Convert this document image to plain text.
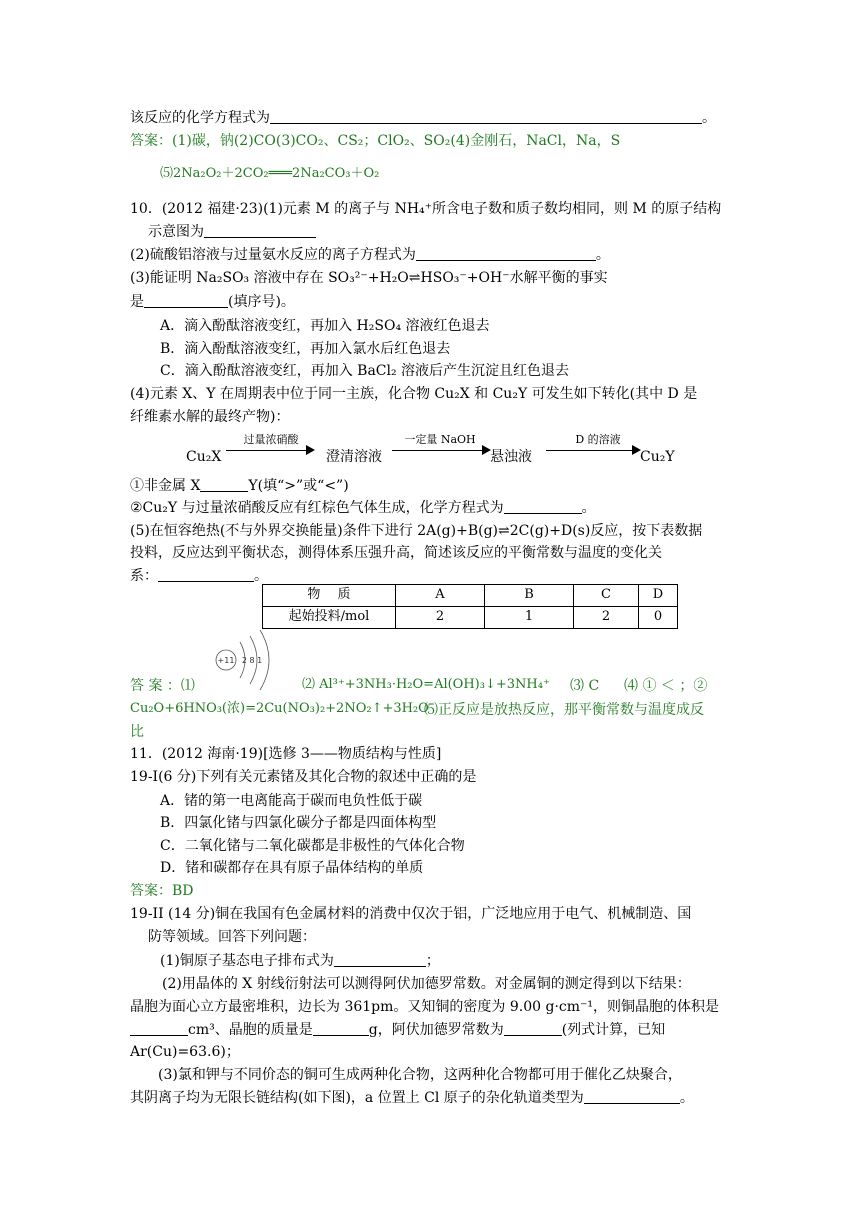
该反应的化学方程式为	。
答案：(1)碳，钠(2)CO(3)CO₂、CS₂；ClO₂、SO₂(4)金刚石，NaCl，Na，S
⑸2Na₂O₂＋2CO₂═══2Na₂CO₃＋O₂
10．(2012 福建·23)(1)元素 M 的离子与 NH₄⁺所含电子数和质子数均相同，则 M 的原子结构
示意图为
(2)硫酸铝溶液与过量氨水反应的离子方程式为	。
(3)能证明 Na₂SO₃ 溶液中存在 SO₃²⁻+H₂O⇌HSO₃⁻+OH⁻水解平衡的事实
是	(填序号)。
A．滴入酚酞溶液变红，再加入 H₂SO₄ 溶液红色退去
B．滴入酚酞溶液变红，再加入氯水后红色退去
C．滴入酚酞溶液变红，再加入 BaCl₂ 溶液后产生沉淀且红色退去
(4)元素 X、Y 在周期表中位于同一主族，化合物 Cu₂X 和 Cu₂Y 可发生如下转化(其中 D 是
纤维素水解的最终产物)：
Cu₂X
过量浓硝酸
澄清溶液
一定量 NaOH
悬浊液
D 的溶液
Cu₂Y
①非金属 X	Y(填“>”或“<”)
②Cu₂Y 与过量浓硝酸反应有红棕色气体生成，化学方程式为	。
(5)在恒容绝热(不与外界交换能量)条件下进行 2A(g)+B(g)⇌2C(g)+D(s)反应，按下表数据
投料，反应达到平衡状态，测得体系压强升高，简述该反应的平衡常数与温度的变化关
系：	。
物　 质	A	B	C	D
起始投料/mol	2	1	2	0
+11 2 8 1
答 案 ：⑴	⑵ Al³⁺+3NH₃·H₂O=Al(OH)₃↓+3NH₄⁺ ⑶ C ⑷ ① ＜ ；②
Cu₂O+6HNO₃(浓)=2Cu(NO₃)₂+2NO₂↑+3H₂O
⑸正反应是放热反应，那平衡常数与温度成反
比
11．(2012 海南·19)[选修 3——物质结构与性质]
19-I(6 分)下列有关元素锗及其化合物的叙述中正确的是
A．锗的第一电离能高于碳而电负性低于碳
B．四氯化锗与四氯化碳分子都是四面体构型
C．二氧化锗与二氧化碳都是非极性的气体化合物
D．锗和碳都存在具有原子晶体结构的单质
答案：BD
19-II (14 分)铜在我国有色金属材料的消费中仅次于铝，广泛地应用于电气、机械制造、国
防等领域。回答下列问题：
(1)铜原子基态电子排布式为	；
(2)用晶体的 X 射线衍射法可以测得阿伏加德罗常数。对金属铜的测定得到以下结果：
晶胞为面心立方最密堆积，边长为 361pm。又知铜的密度为 9.00 g·cm⁻¹，则铜晶胞的体积是
cm³、晶胞的质量是	g，阿伏加德罗常数为	(列式计算，已知
Ar(Cu)=63.6)；
(3)氯和钾与不同价态的铜可生成两种化合物，这两种化合物都可用于催化乙炔聚合，
其阴离子均为无限长链结构(如下图)，a 位置上 Cl 原子的杂化轨道类型为	。
